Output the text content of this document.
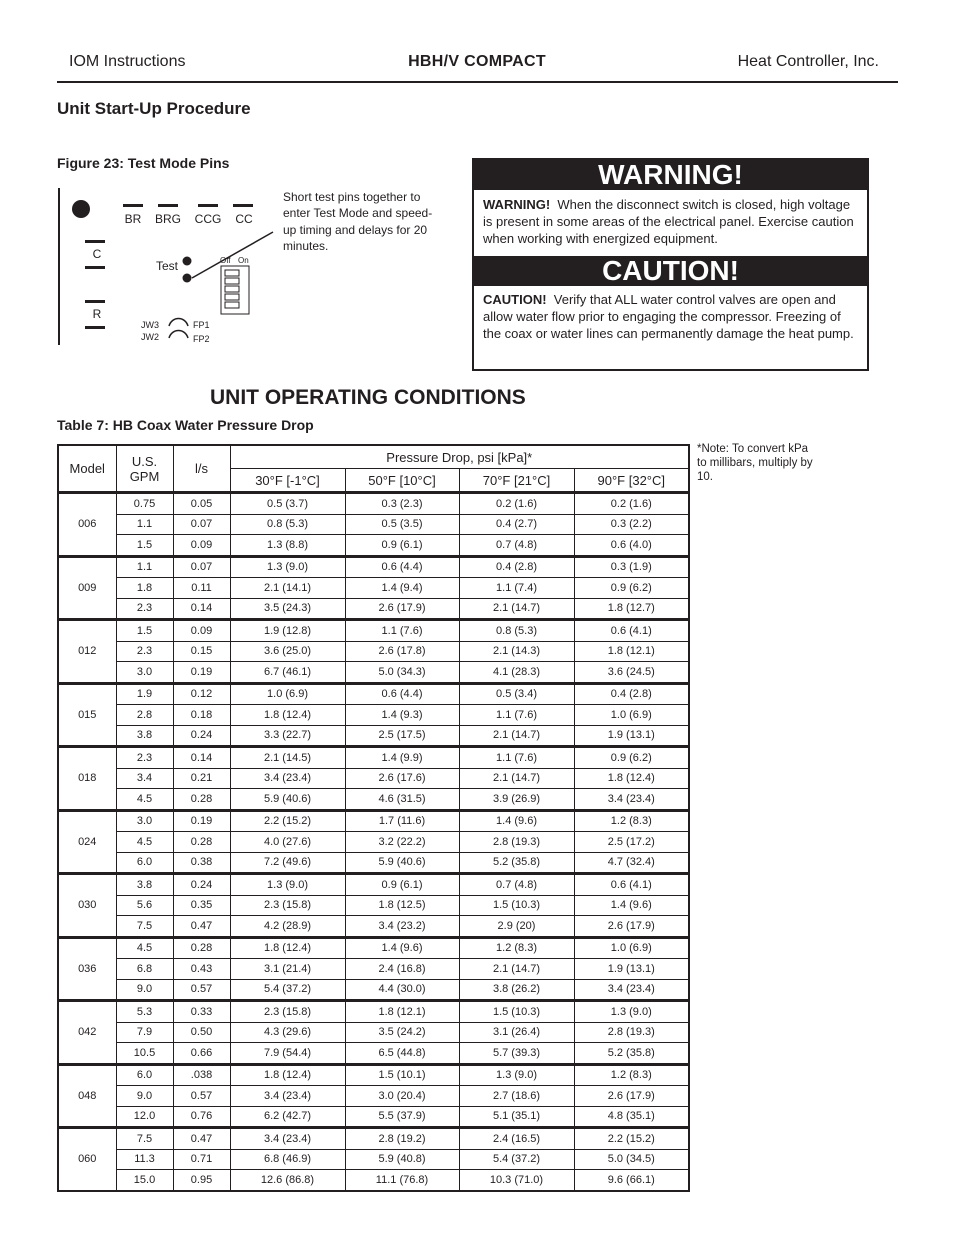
IOM Instructions	HBH/V COMPACT	Heat Controller, Inc.
Unit Start-Up Procedure
Figure 23: Test Mode Pins
BR BRG CCG CC
C
R
Test	Off On
JW3	FP1
JW2	FP2
Short test pins together to enter Test Mode and speed-up timing and delays for 20 minutes.
WARNING!
WARNING! When the disconnect switch is closed, high voltage is present in some areas of the electrical panel. Exercise caution when working with energized equipment.
CAUTION!
CAUTION! Verify that ALL water control valves are open and allow water flow prior to engaging the compressor. Freezing of the coax or water lines can permanently damage the heat pump.
UNIT OPERATING CONDITIONS
Table 7: HB Coax Water Pressure Drop
*Note: To convert kPa to millibars, multiply by 10.
Model	U.S. GPM	l/s	Pressure Drop, psi [kPa]*			
			30°F [-1°C]	50°F [10°C]	70°F [21°C]	90°F [32°C]
006	0.75	0.05	0.5 (3.7)	0.3 (2.3)	0.2 (1.6)	0.2 (1.6)
	1.1	0.07	0.8 (5.3)	0.5 (3.5)	0.4 (2.7)	0.3 (2.2)
	1.5	0.09	1.3 (8.8)	0.9 (6.1)	0.7 (4.8)	0.6 (4.0)
009	1.1	0.07	1.3 (9.0)	0.6 (4.4)	0.4 (2.8)	0.3 (1.9)
	1.8	0.11	2.1 (14.1)	1.4 (9.4)	1.1 (7.4)	0.9 (6.2)
	2.3	0.14	3.5 (24.3)	2.6 (17.9)	2.1 (14.7)	1.8 (12.7)
012	1.5	0.09	1.9 (12.8)	1.1 (7.6)	0.8 (5.3)	0.6 (4.1)
	2.3	0.15	3.6 (25.0)	2.6 (17.8)	2.1 (14.3)	1.8 (12.1)
	3.0	0.19	6.7 (46.1)	5.0 (34.3)	4.1 (28.3)	3.6 (24.5)
015	1.9	0.12	1.0 (6.9)	0.6 (4.4)	0.5 (3.4)	0.4 (2.8)
	2.8	0.18	1.8 (12.4)	1.4 (9.3)	1.1 (7.6)	1.0 (6.9)
	3.8	0.24	3.3 (22.7)	2.5 (17.5)	2.1 (14.7)	1.9 (13.1)
018	2.3	0.14	2.1 (14.5)	1.4 (9.9)	1.1 (7.6)	0.9 (6.2)
	3.4	0.21	3.4 (23.4)	2.6 (17.6)	2.1 (14.7)	1.8 (12.4)
	4.5	0.28	5.9 (40.6)	4.6 (31.5)	3.9 (26.9)	3.4 (23.4)
024	3.0	0.19	2.2 (15.2)	1.7 (11.6)	1.4 (9.6)	1.2 (8.3)
	4.5	0.28	4.0 (27.6)	3.2 (22.2)	2.8 (19.3)	2.5 (17.2)
	6.0	0.38	7.2 (49.6)	5.9 (40.6)	5.2 (35.8)	4.7 (32.4)
030	3.8	0.24	1.3 (9.0)	0.9 (6.1)	0.7 (4.8)	0.6 (4.1)
	5.6	0.35	2.3 (15.8)	1.8 (12.5)	1.5 (10.3)	1.4 (9.6)
	7.5	0.47	4.2 (28.9)	3.4 (23.2)	2.9 (20)	2.6 (17.9)
036	4.5	0.28	1.8 (12.4)	1.4 (9.6)	1.2 (8.3)	1.0 (6.9)
	6.8	0.43	3.1 (21.4)	2.4 (16.8)	2.1 (14.7)	1.9 (13.1)
	9.0	0.57	5.4 (37.2)	4.4 (30.0)	3.8 (26.2)	3.4 (23.4)
042	5.3	0.33	2.3 (15.8)	1.8 (12.1)	1.5 (10.3)	1.3 (9.0)
	7.9	0.50	4.3 (29.6)	3.5 (24.2)	3.1 (26.4)	2.8 (19.3)
	10.5	0.66	7.9 (54.4)	6.5 (44.8)	5.7 (39.3)	5.2 (35.8)
048	6.0	.038	1.8 (12.4)	1.5 (10.1)	1.3 (9.0)	1.2 (8.3)
	9.0	0.57	3.4 (23.4)	3.0 (20.4)	2.7 (18.6)	2.6 (17.9)
	12.0	0.76	6.2 (42.7)	5.5 (37.9)	5.1 (35.1)	4.8 (35.1)
060	7.5	0.47	3.4 (23.4)	2.8 (19.2)	2.4 (16.5)	2.2 (15.2)
	11.3	0.71	6.8 (46.9)	5.9 (40.8)	5.4 (37.2)	5.0 (34.5)
	15.0	0.95	12.6 (86.8)	11.1 (76.8)	10.3 (71.0)	9.6 (66.1)
